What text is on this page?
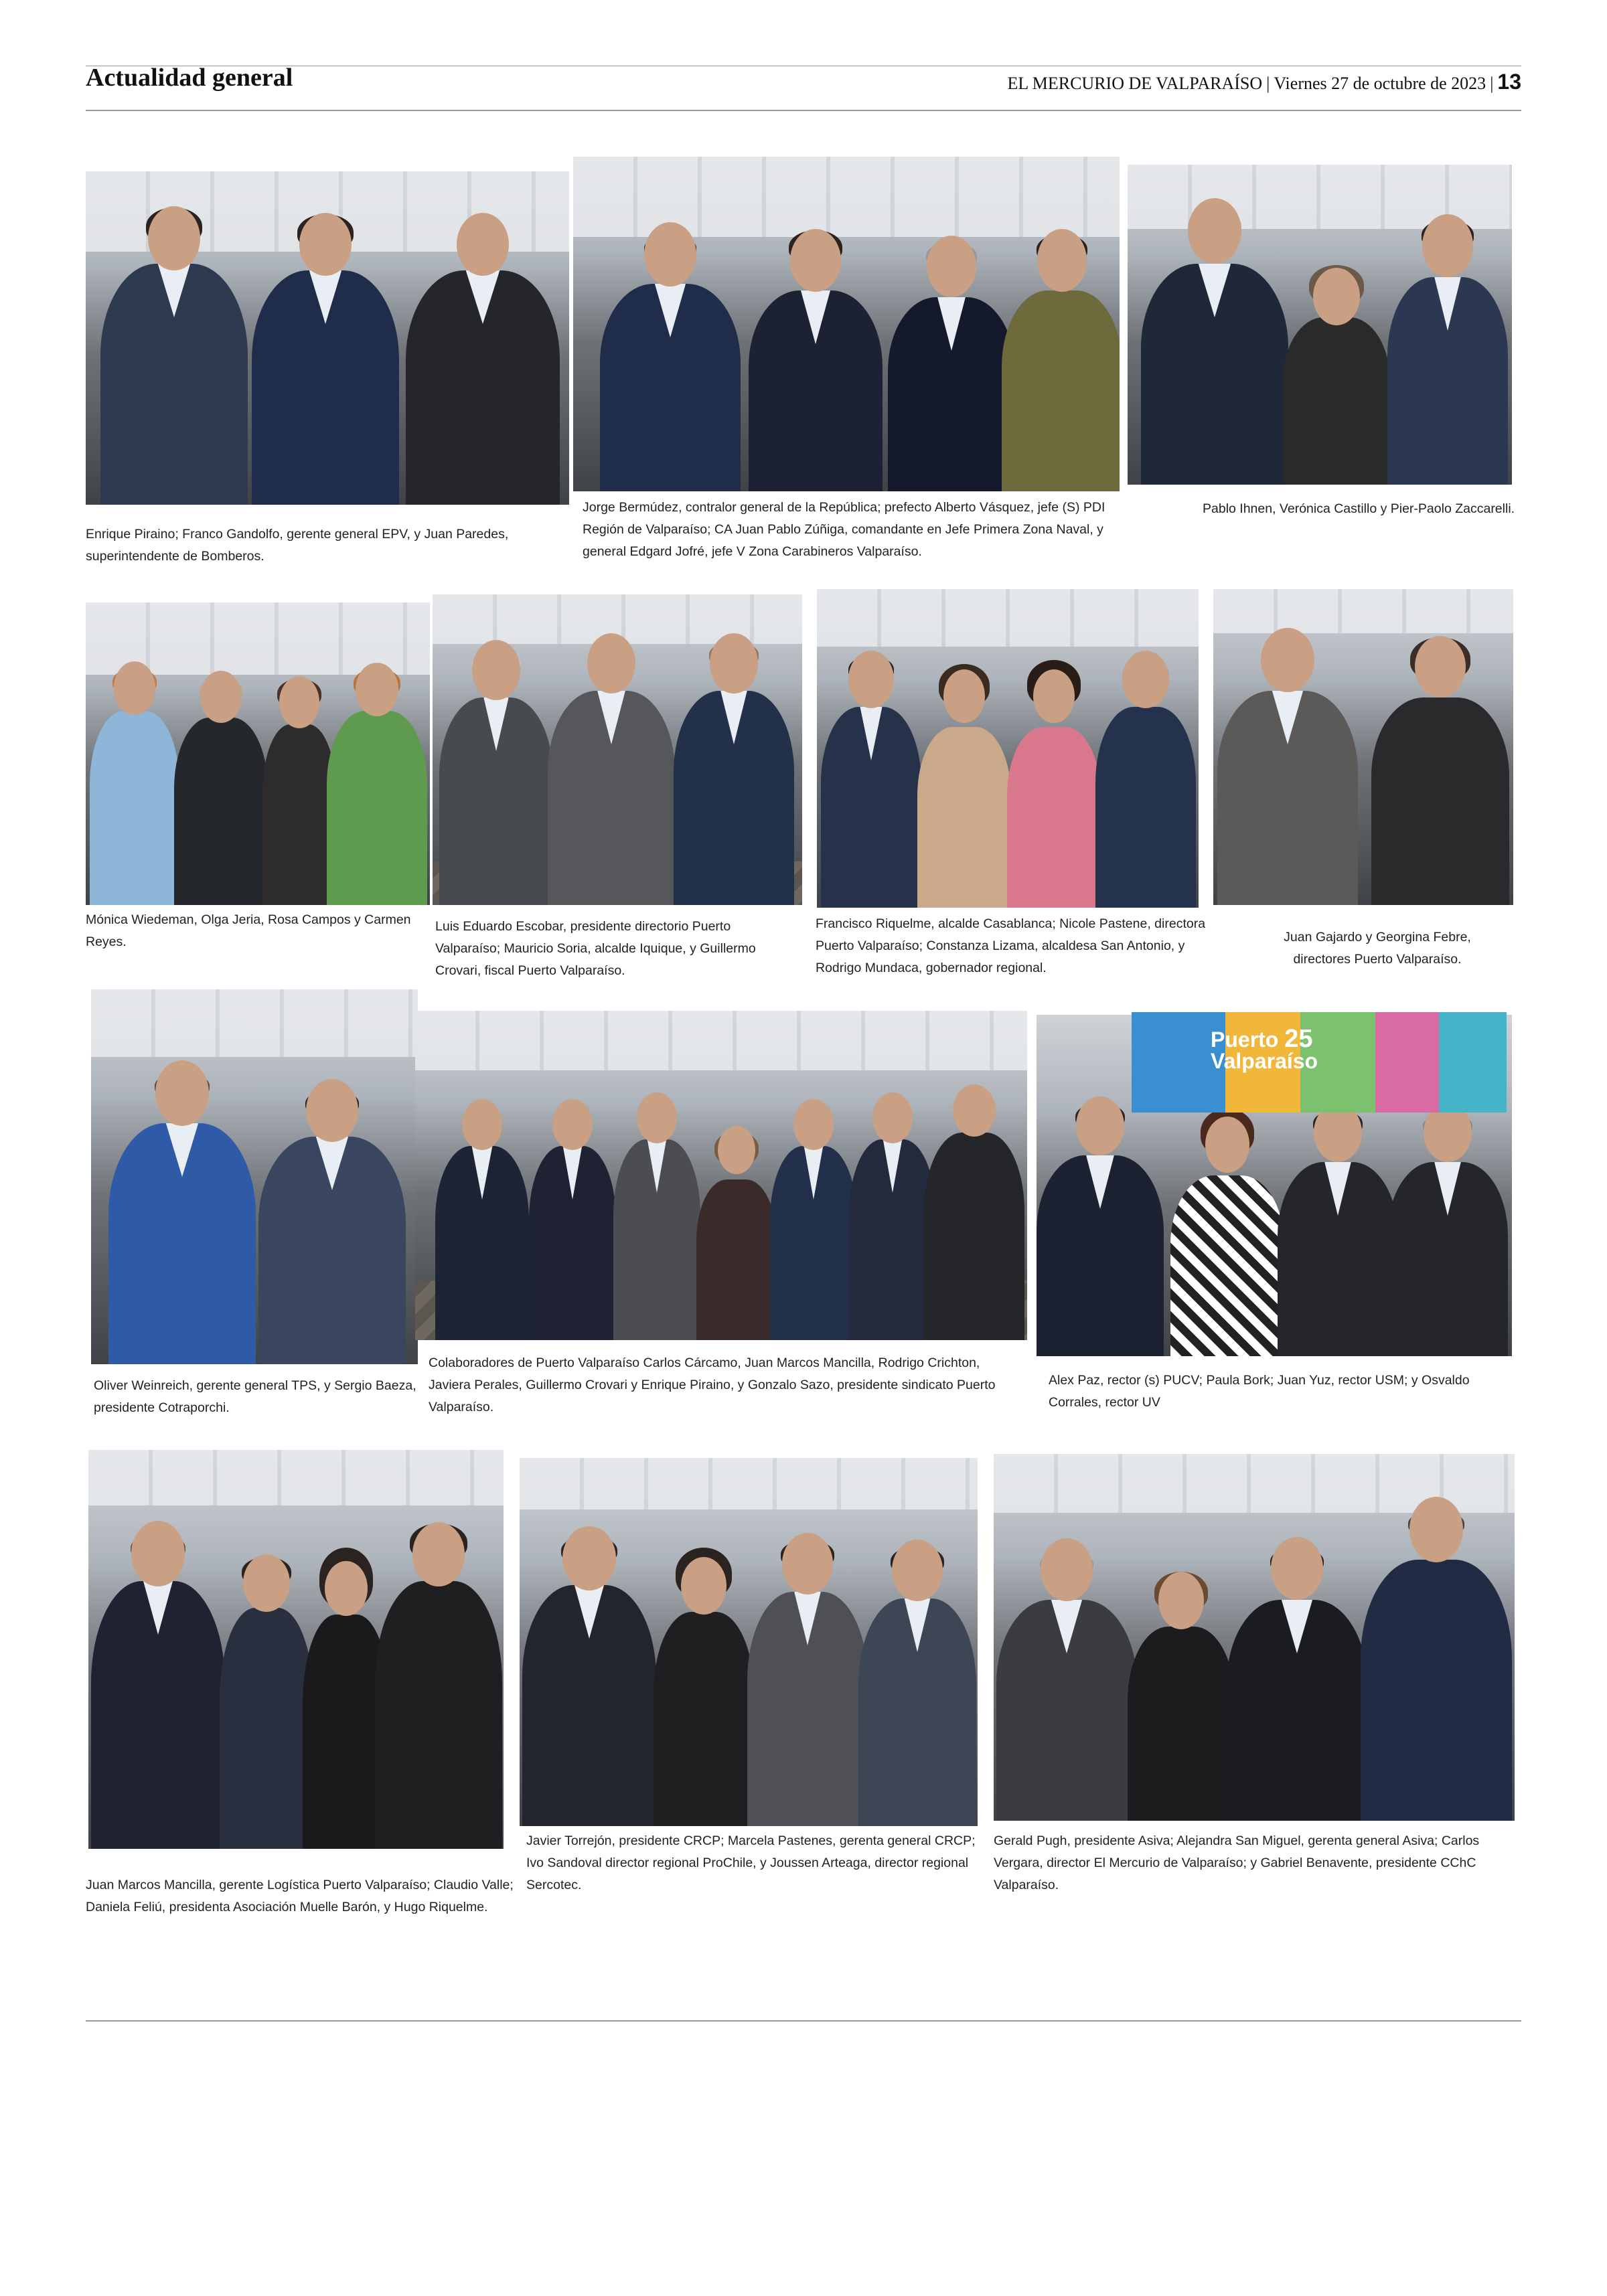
Actualidad general	EL MERCURIO DE VALPARAÍSO | Viernes 27 de octubre de 2023 | 13
Enrique Piraino; Franco Gandolfo, gerente general EPV, y Juan Paredes, superintendente de Bomberos.
Jorge Bermúdez, contralor general de la República; prefecto Alberto Vásquez, jefe (S) PDI Región de Valparaíso; CA Juan Pablo Zúñiga, comandante en Jefe Primera Zona Naval, y general Edgard Jofré, jefe V Zona Carabineros Valparaíso.
Pablo Ihnen, Verónica Castillo y Pier-Paolo Zaccarelli.
Mónica Wiedeman, Olga Jeria, Rosa Campos y Carmen Reyes.
Luis Eduardo Escobar, presidente directorio Puerto Valparaíso; Mauricio Soria, alcalde Iquique, y Guillermo Crovari, fiscal Puerto Valparaíso.
Francisco Riquelme, alcalde Casablanca; Nicole Pastene, directora Puerto Valparaíso; Constanza Lizama, alcaldesa San Antonio, y Rodrigo Mundaca, gobernador regional.
Juan Gajardo y Georgina Febre, directores Puerto Valparaíso.
Oliver Weinreich, gerente general TPS, y Sergio Baeza, presidente Cotraporchi.
Colaboradores de Puerto Valparaíso Carlos Cárcamo, Juan Marcos Mancilla, Rodrigo Crichton, Javiera Perales, Guillermo Crovari y Enrique Piraino, y Gonzalo Sazo, presidente sindicato Puerto Valparaíso.
Puerto 25
Valparaíso
Alex Paz, rector (s) PUCV; Paula Bork; Juan Yuz, rector USM; y Osvaldo Corrales, rector UV
Juan Marcos Mancilla, gerente Logística Puerto Valparaíso; Claudio Valle; Daniela Feliú, presidenta Asociación Muelle Barón, y Hugo Riquelme.
Javier Torrejón, presidente CRCP; Marcela Pastenes, gerenta general CRCP; Ivo Sandoval director regional ProChile, y Joussen Arteaga, director regional Sercotec.
Gerald Pugh, presidente Asiva; Alejandra San Miguel, gerenta general Asiva; Carlos Vergara, director El Mercurio de Valparaíso; y Gabriel Benavente, presidente CChC Valparaíso.
